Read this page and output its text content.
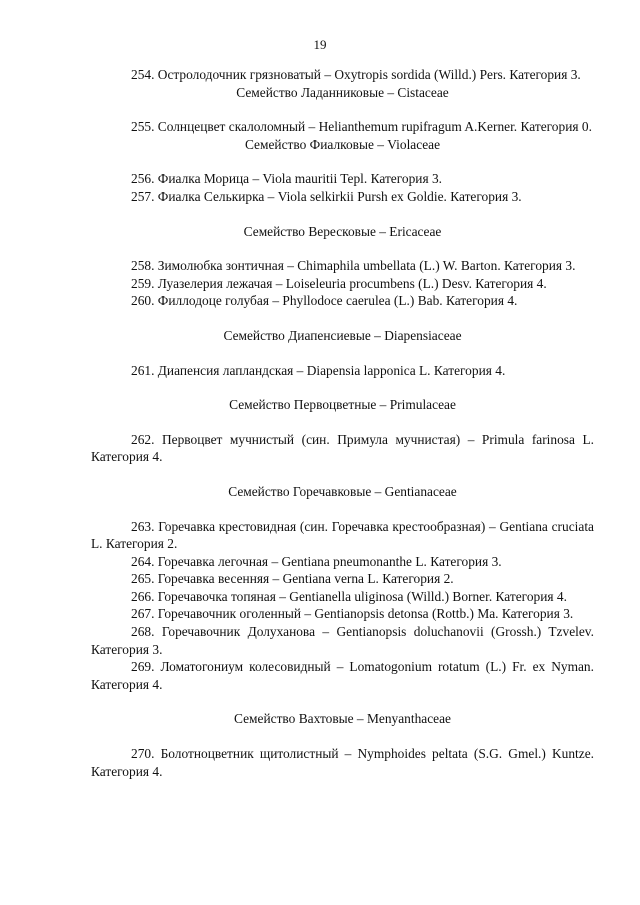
19

254. Остролодочник грязноватый – Oxytropis sordida (Willd.) Pers. Категория 3.

Семейство Ладанниковые – Cistaceae

255. Солнцецвет скалоломный – Helianthemum rupifragum A.Kerner. Категория 0.

Семейство Фиалковые – Violaceae

256. Фиалка Морица – Viola mauritii Tepl. Категория 3.

257. Фиалка Селькирка – Viola selkirkii Pursh ex Goldie. Категория 3.

Семейство Вересковые – Ericaceae

258. Зимолюбка зонтичная – Chimaphila umbellata (L.) W. Barton. Категория 3.

259. Луазелерия лежачая – Loiseleuria procumbens (L.) Desv. Категория 4.

260. Филлодоце голубая – Phyllodoce caerulea (L.) Bab. Категория 4.

Семейство Диапенсиевые – Diapensiaceae

261. Диапенсия лапландская – Diapensia lapponica L. Категория 4.

Семейство Первоцветные – Primulaceae

262. Первоцвет мучнистый (син. Примула мучнистая) – Primula farinosa L. Категория 4.

Семейство Горечавковые – Gentianaceae

263. Горечавка крестовидная (син. Горечавка крестообразная) – Gentiana cruciata L. Категория 2.

264. Горечавка легочная – Gentiana pneumonanthe L. Категория 3.

265. Горечавка весенняя – Gentiana verna L. Категория 2.

266. Горечавочка топяная – Gentianella uliginosa (Willd.) Borner. Категория 4.

267. Горечавочник оголенный – Gentianopsis detonsa (Rottb.) Ma. Категория 3.

268. Горечавочник Долуханова – Gentianopsis doluchanovii (Grossh.) Tzvelev. Категория 3.

269. Ломатогониум колесовидный – Lomatogonium rotatum (L.) Fr. ex Nyman. Категория 4.

Семейство Вахтовые – Menyanthaceae

270. Болотноцветник щитолистный – Nymphoides peltata (S.G. Gmel.) Kuntze. Категория 4.
